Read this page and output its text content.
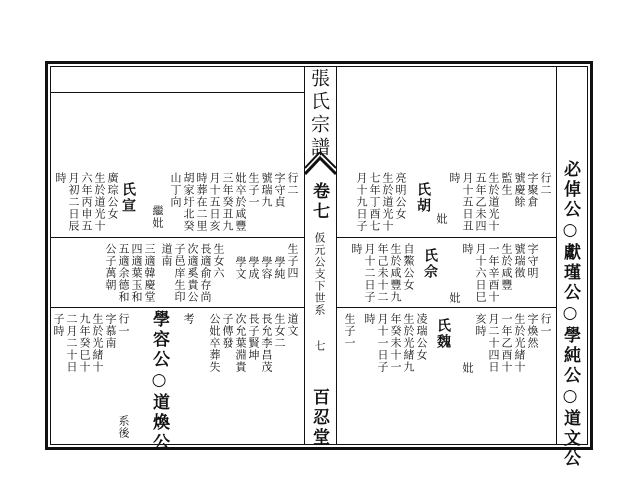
張氏宗譜
卷七
仮元公支下世系
七
百忍堂	必倬公○獻瑾公○學純公○道文公
行二
字聚倉
號慶餘
監生
生於道光十
五年乙未四
月十五日丑
時
妣
氏胡
亮明公女
生於道光十
七年丁酉七
月十九日子
字守明
號瑞徵
生於咸豐
一年辛酉十
月十六日巳
時
妣
氏佘
自鰲公女
生於咸豐九
年己未十二
月十二日子
時
行一
字煥然
生於光緒十
一年乙酉十
月二十四日
亥時
妣
氏魏
凌瑞公女
生於光緒九
年癸未十一
月十一日子
時
生子一
行二
字守貞
號瑞九
生子一
妣卒於咸豐
三年癸丑九
月十五日亥
時葬在二里
胡家圩北癸
山丁向
繼妣
氏宣
廣琮公女
生於道光十
六年丙申五
月初二日辰
時
生子四
學純
學容
學成
學文
生女六
長適俞存尚
次適奚貴公
子邑庠生印
道南
三適韓慶堂
四適葉玉和
五適余德和
公子萬朝
道文
生女二
長允李昌茂
長子賢坤
次允葉淵貴
子傳發
公妣卒葬失
考
學容公○道煥公
行一
字慕南
生於光緒十
九年癸巳十
二月二十日
子時
系後
